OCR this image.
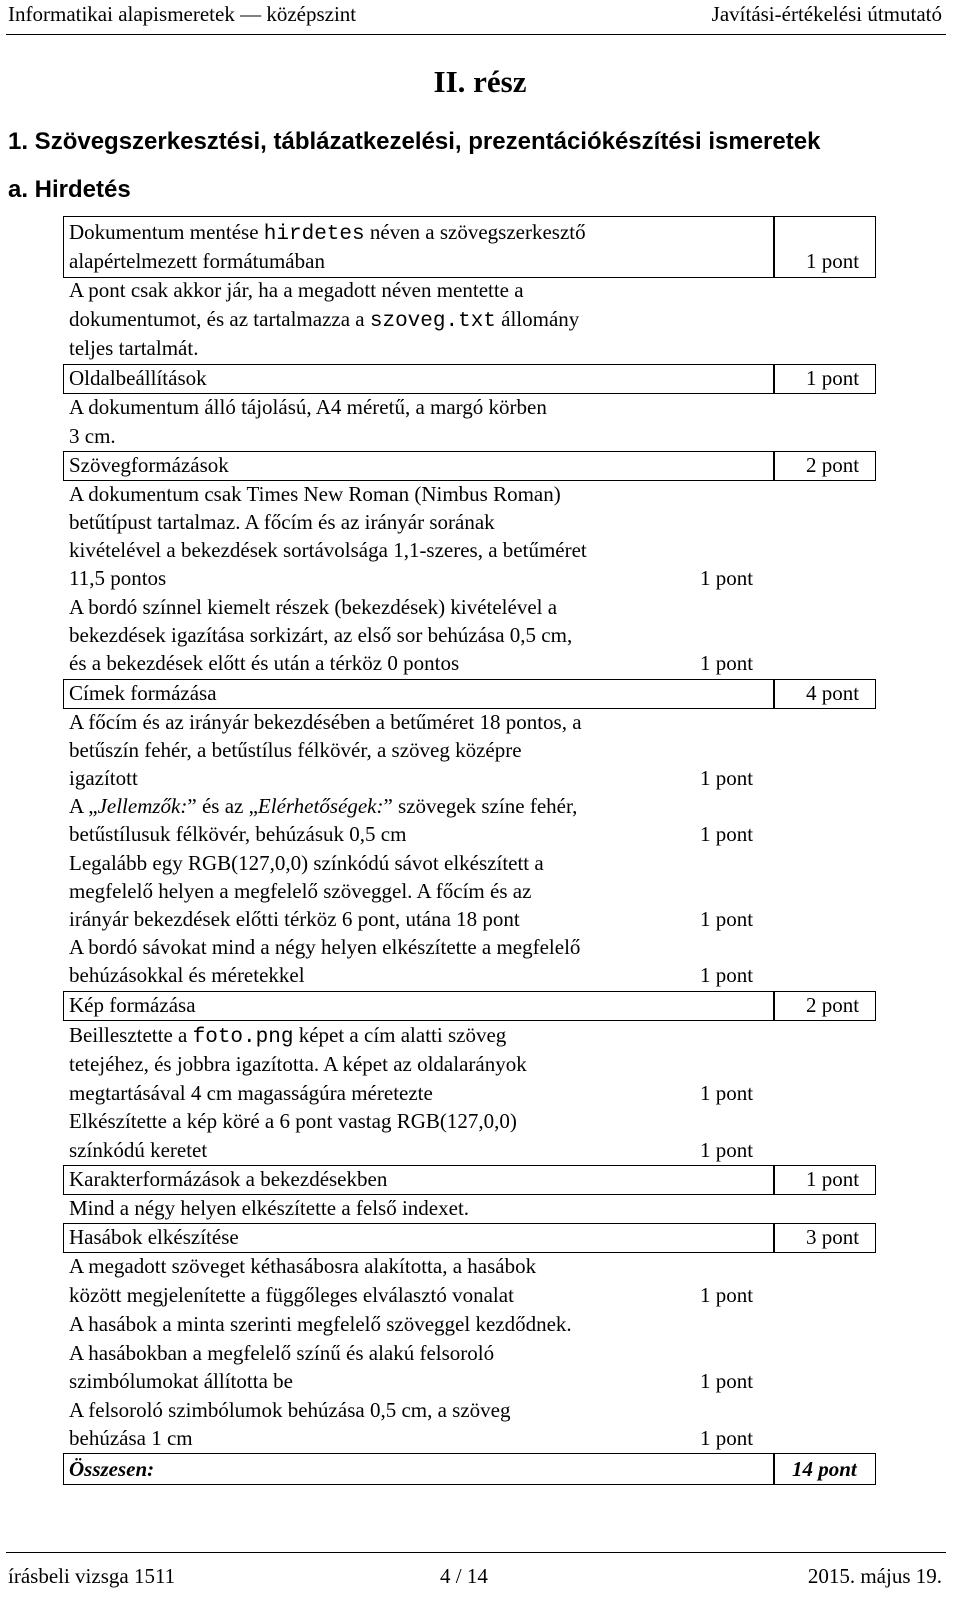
Informatikai alapismeretek — középszint	Javítási-értékelési útmutató
II. rész
1. Szövegszerkesztési, táblázatkezelési, prezentációkészítési ismeretek
a. Hirdetés
Dokumentum mentése hirdetes néven a szövegszerkesztő
alapértelmezett formátumában	1 pont
A pont csak akkor jár, ha a megadott néven mentette a
dokumentumot, és az tartalmazza a szoveg.txt állomány
teljes tartalmát.
Oldalbeállítások	1 pont
A dokumentum álló tájolású, A4 méretű, a margó körben
3 cm.
Szövegformázások	2 pont
A dokumentum csak Times New Roman (Nimbus Roman)
betűtípust tartalmaz. A főcím és az irányár sorának
kivételével a bekezdések sortávolsága 1,1-szeres, a betűméret
11,5 pontos	1 pont
A bordó színnel kiemelt részek (bekezdések) kivételével a
bekezdések igazítása sorkizárt, az első sor behúzása 0,5 cm,
és a bekezdések előtt és után a térköz 0 pontos	1 pont
Címek formázása	4 pont
A főcím és az irányár bekezdésében a betűméret 18 pontos, a
betűszín fehér, a betűstílus félkövér, a szöveg középre
igazított	1 pont
A „Jellemzők:” és az „Elérhetőségek:” szövegek színe fehér,
betűstílusuk félkövér, behúzásuk 0,5 cm	1 pont
Legalább egy RGB(127,0,0) színkódú sávot elkészített a
megfelelő helyen a megfelelő szöveggel. A főcím és az
irányár bekezdések előtti térköz 6 pont, utána 18 pont	1 pont
A bordó sávokat mind a négy helyen elkészítette a megfelelő
behúzásokkal és méretekkel	1 pont
Kép formázása	2 pont
Beillesztette a foto.png képet a cím alatti szöveg
tetejéhez, és jobbra igazította. A képet az oldalarányok
megtartásával 4 cm magasságúra méretezte	1 pont
Elkészítette a kép köré a 6 pont vastag RGB(127,0,0)
színkódú keretet	1 pont
Karakterformázások a bekezdésekben	1 pont
Mind a négy helyen elkészítette a felső indexet.
Hasábok elkészítése	3 pont
A megadott szöveget kéthasábosra alakította, a hasábok
között megjelenítette a függőleges elválasztó vonalat	1 pont
A hasábok a minta szerinti megfelelő szöveggel kezdődnek.
A hasábokban a megfelelő színű és alakú felsoroló
szimbólumokat állította be	1 pont
A felsoroló szimbólumok behúzása 0,5 cm, a szöveg
behúzása 1 cm	1 pont
Összesen:	14 pont
írásbeli vizsga 1511	4 / 14	2015. május 19.
